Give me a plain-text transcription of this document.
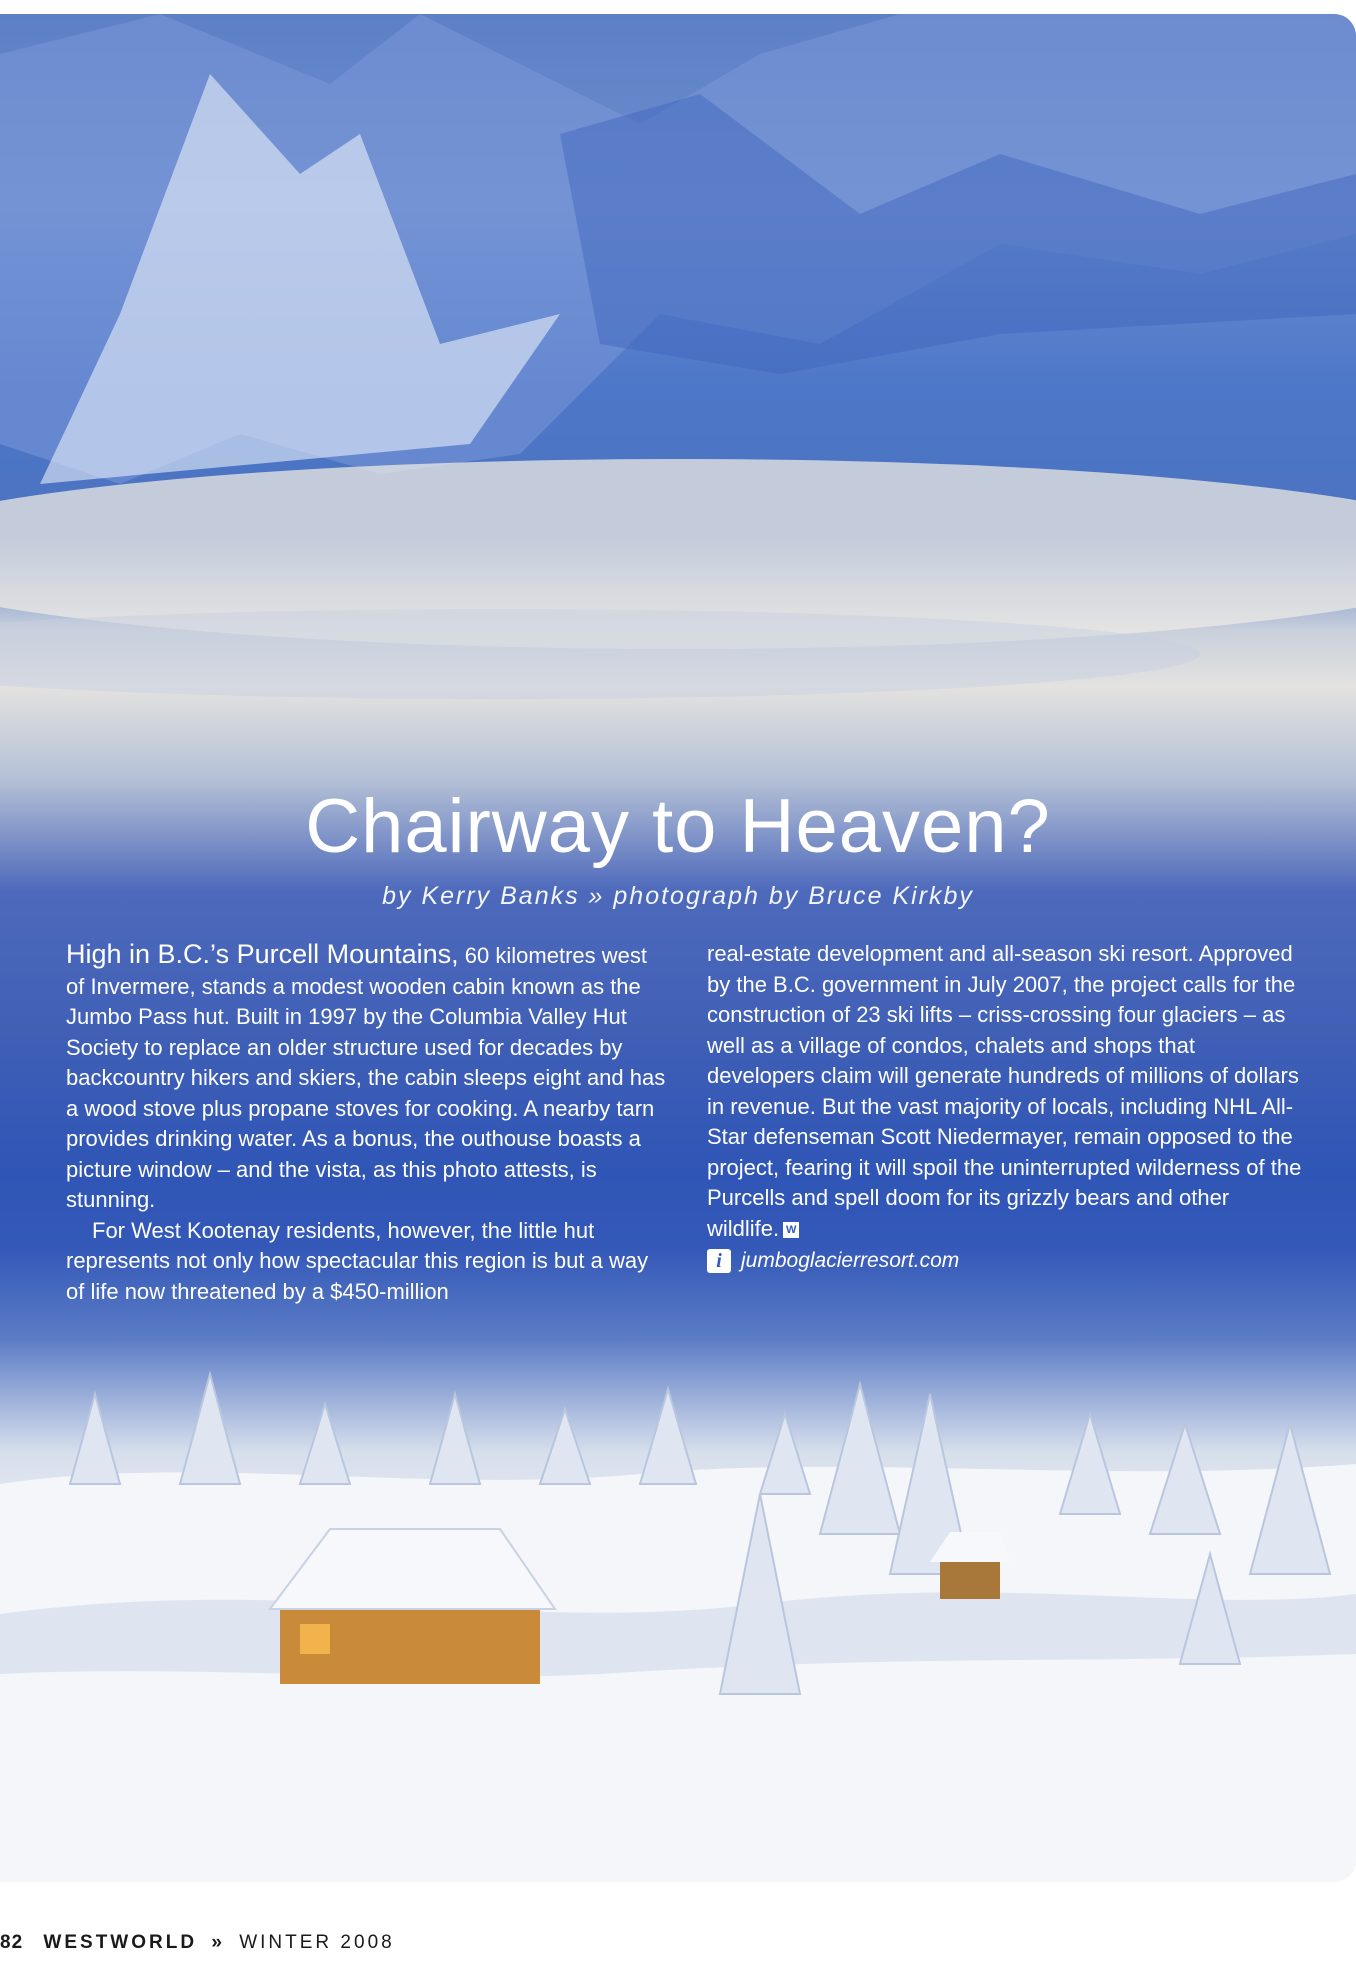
Chairway to Heaven?
by Kerry Banks » photograph by Bruce Kirkby

High in B.C.’s Purcell Mountains, 60 kilometres west of Invermere, stands a modest wooden cabin known as the Jumbo Pass hut. Built in 1997 by the Columbia Valley Hut Society to replace an older structure used for decades by backcountry hikers and skiers, the cabin sleeps eight and has a wood stove plus propane stoves for cooking. A nearby tarn provides drinking water. As a bonus, the outhouse boasts a picture window – and the vista, as this photo attests, is stunning.

For West Kootenay residents, however, the little hut represents not only how spectacular this region is but a way of life now threatened by a $450-million

real-estate development and all-season ski resort. Approved by the B.C. government in July 2007, the project calls for the construction of 23 ski lifts – criss-crossing four glaciers – as well as a village of condos, chalets and shops that developers claim will generate hundreds of millions of dollars in revenue. But the vast majority of locals, including NHL All-Star defenseman Scott Niedermayer, remain opposed to the project, fearing it will spoil the uninterrupted wilderness of the Purcells and spell doom for its grizzly bears and other wildlife. W

i jumboglacierresort.com
82 WESTWORLD » WINTER 2008
